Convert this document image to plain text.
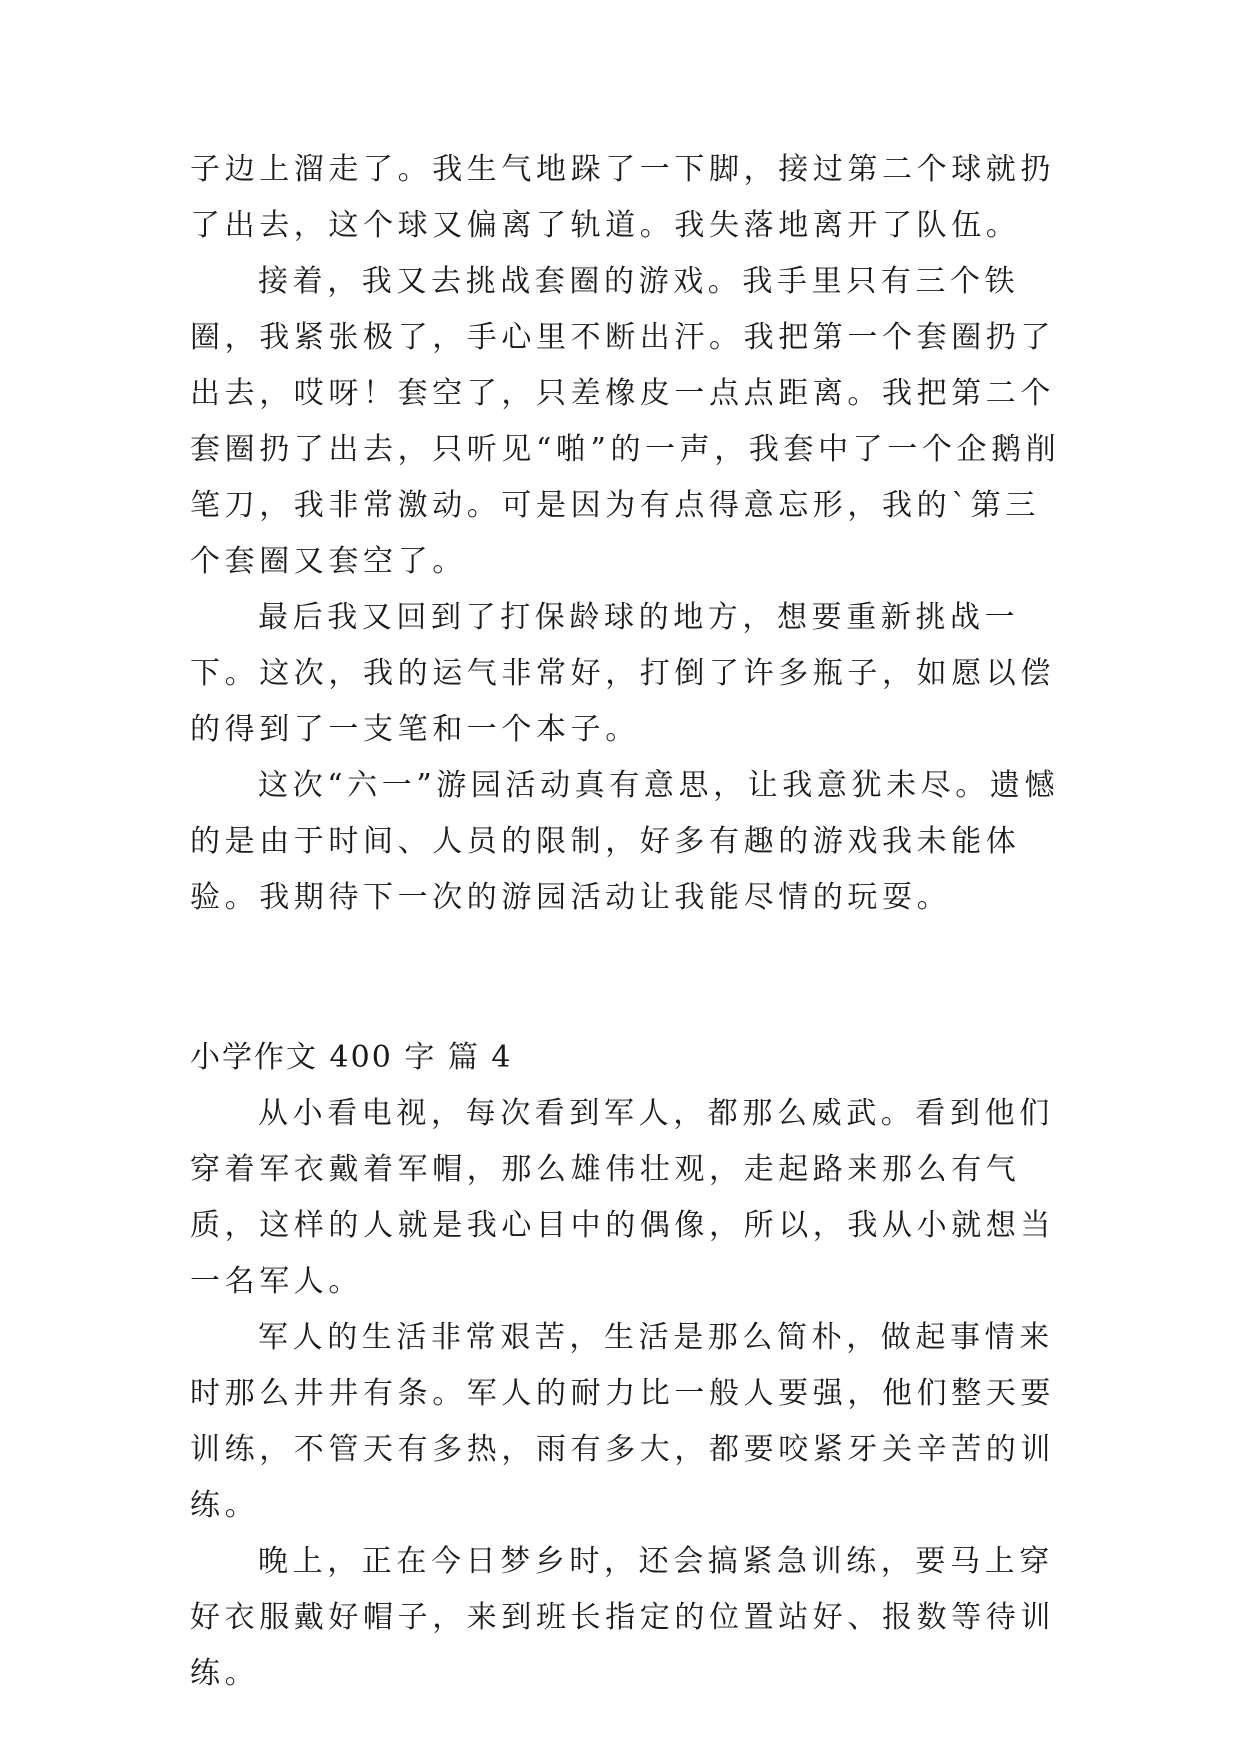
子边上溜走了。我生气地跺了一下脚，接过第二个球就扔了出去，这个球又偏离了轨道。我失落地离开了队伍。

接着，我又去挑战套圈的游戏。我手里只有三个铁圈，我紧张极了，手心里不断出汗。我把第一个套圈扔了出去，哎呀！套空了，只差橡皮一点点距离。我把第二个套圈扔了出去，只听见“啪”的一声，我套中了一个企鹅削笔刀，我非常激动。可是因为有点得意忘形，我的`第三个套圈又套空了。

最后我又回到了打保龄球的地方，想要重新挑战一下。这次，我的运气非常好，打倒了许多瓶子，如愿以偿的得到了一支笔和一个本子。

这次“六一”游园活动真有意思，让我意犹未尽。遗憾的是由于时间、人员的限制，好多有趣的游戏我未能体验。我期待下一次的游园活动让我能尽情的玩耍。

小学作文 400 字 篇 4

从小看电视，每次看到军人，都那么威武。看到他们穿着军衣戴着军帽，那么雄伟壮观，走起路来那么有气质，这样的人就是我心目中的偶像，所以，我从小就想当一名军人。

军人的生活非常艰苦，生活是那么简朴，做起事情来时那么井井有条。军人的耐力比一般人要强，他们整天要训练，不管天有多热，雨有多大，都要咬紧牙关辛苦的训练。

晚上，正在今日梦乡时，还会搞紧急训练，要马上穿好衣服戴好帽子，来到班长指定的位置站好、报数等待训练。
